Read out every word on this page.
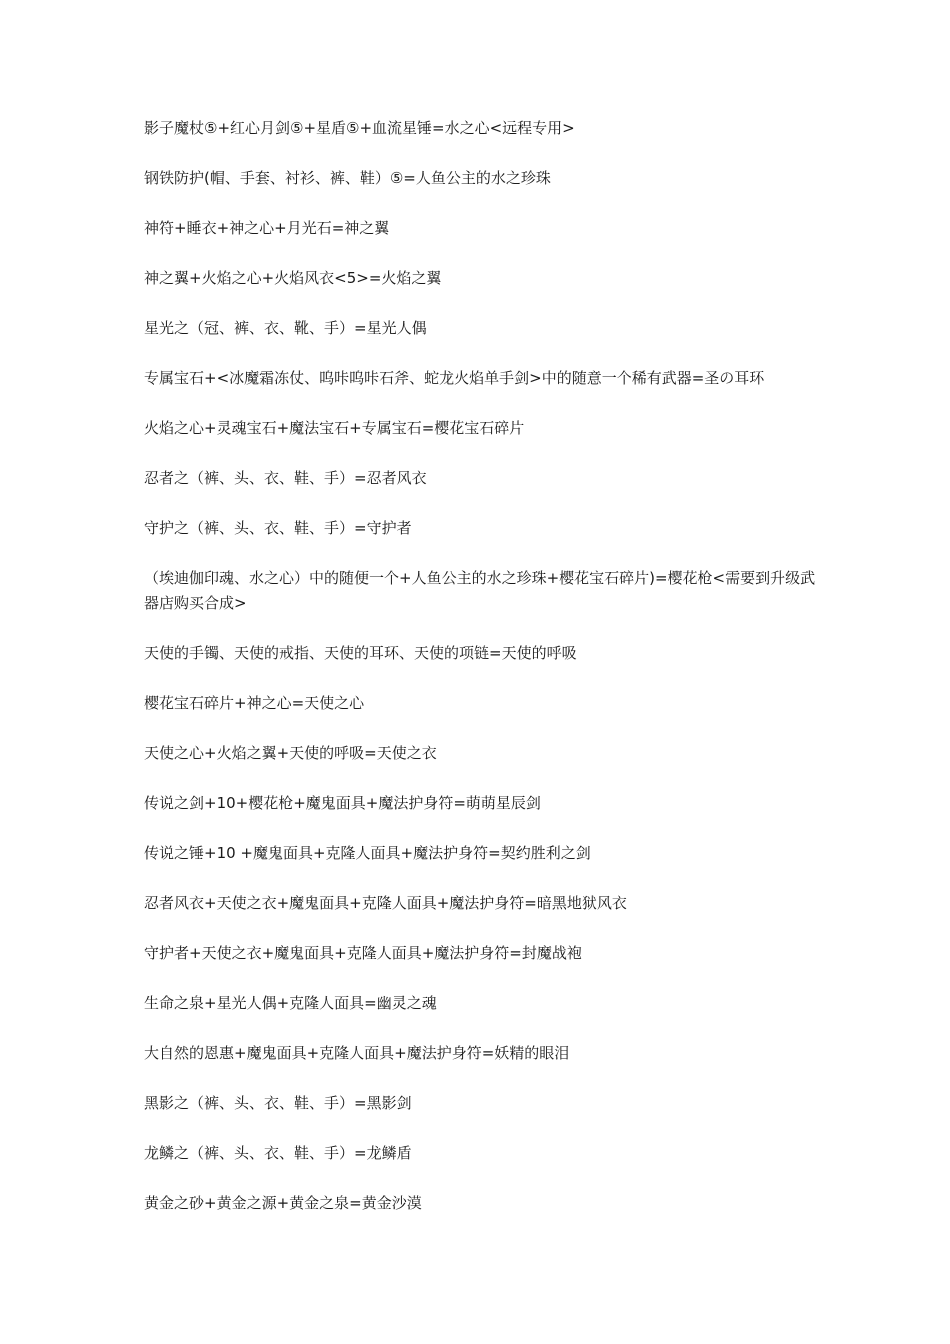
影子魔杖⑤+红心月剑⑤+星盾⑤+血流星锤=水之心<远程专用>

钢铁防护(帽、手套、衬衫、裤、鞋）⑤=人鱼公主的水之珍珠

神符+睡衣+神之心+月光石=神之翼

神之翼+火焰之心+火焰风衣<5>=火焰之翼

星光之（冠、裤、衣、靴、手）=星光人偶

专属宝石+<冰魔霜冻仗、呜咔呜咔石斧、蛇龙火焰单手剑>中的随意一个稀有武器=圣の耳环

火焰之心+灵魂宝石+魔法宝石+专属宝石=樱花宝石碎片

忍者之（裤、头、衣、鞋、手）=忍者风衣

守护之（裤、头、衣、鞋、手）=守护者

（埃迪伽印魂、水之心）中的随便一个+人鱼公主的水之珍珠+樱花宝石碎片)=樱花枪<需要到升级武器店购买合成>

天使的手镯、天使的戒指、天使的耳环、天使的项链=天使的呼吸

樱花宝石碎片+神之心=天使之心

天使之心+火焰之翼+天使的呼吸=天使之衣

传说之剑+10+樱花枪+魔鬼面具+魔法护身符=萌萌星辰剑

传说之锤+10 +魔鬼面具+克隆人面具+魔法护身符=契约胜利之剑

忍者风衣+天使之衣+魔鬼面具+克隆人面具+魔法护身符=暗黑地狱风衣

守护者+天使之衣+魔鬼面具+克隆人面具+魔法护身符=封魔战袍

生命之泉+星光人偶+克隆人面具=幽灵之魂

大自然的恩惠+魔鬼面具+克隆人面具+魔法护身符=妖精的眼泪

黑影之（裤、头、衣、鞋、手）=黑影剑

龙鳞之（裤、头、衣、鞋、手）=龙鳞盾

黄金之砂+黄金之源+黄金之泉=黄金沙漠
